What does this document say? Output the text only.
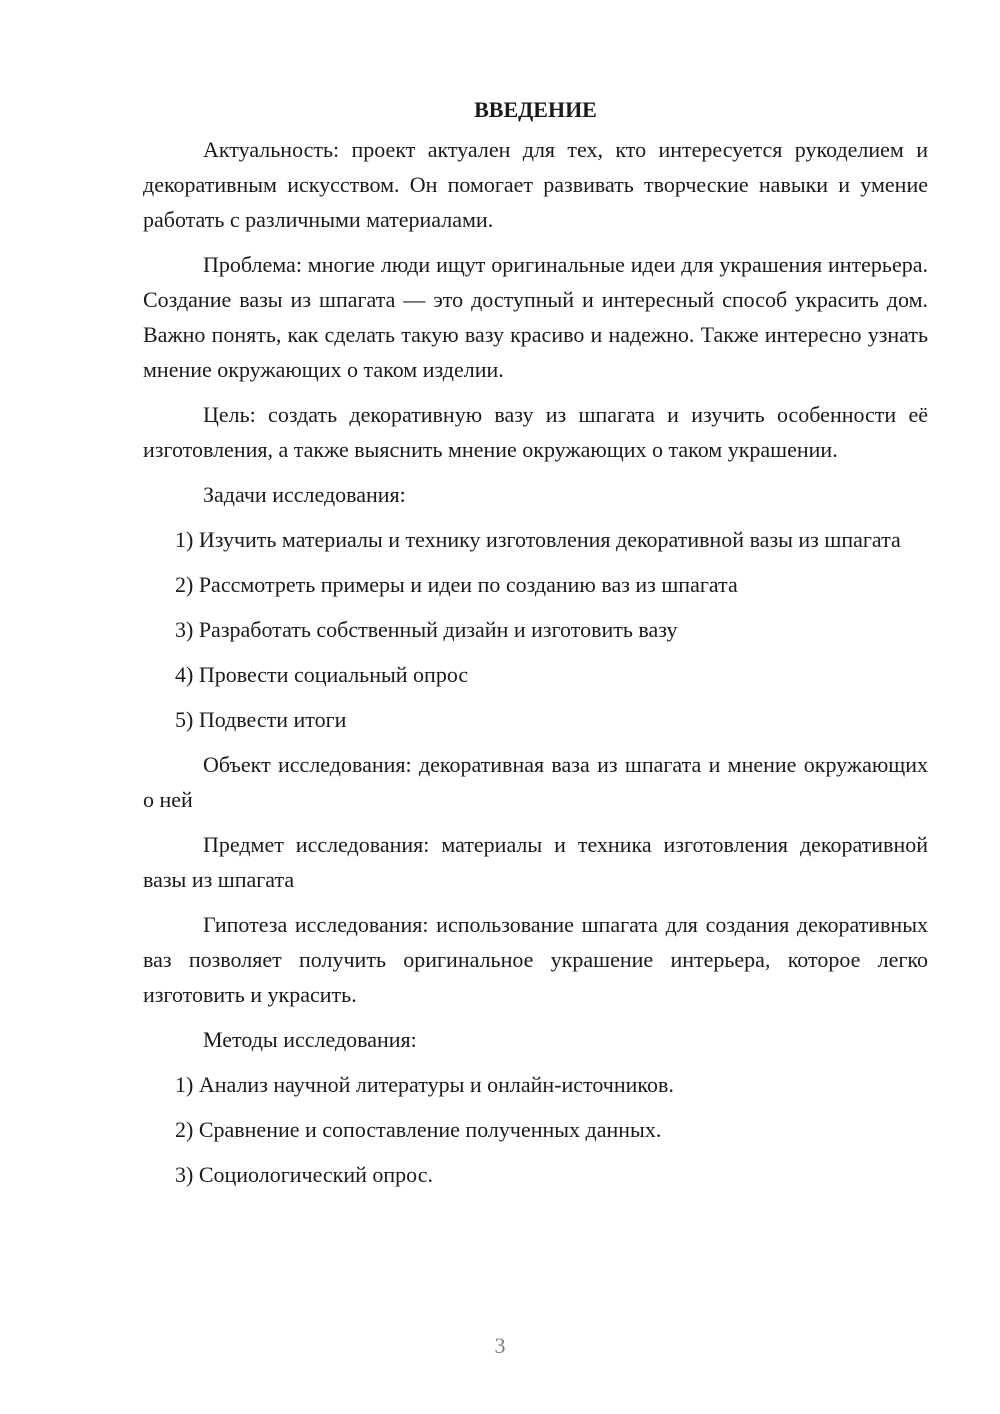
ВВЕДЕНИЕ

Актуальность: проект актуален для тех, кто интересуется рукоделием и декоративным искусством. Он помогает развивать творческие навыки и умение работать с различными материалами.

Проблема: многие люди ищут оригинальные идеи для украшения интерьера. Создание вазы из шпагата — это доступный и интересный способ украсить дом. Важно понять, как сделать такую вазу красиво и надежно. Также интересно узнать мнение окружающих о таком изделии.

Цель: создать декоративную вазу из шпагата и изучить особенности её изготовления, а также выяснить мнение окружающих о таком украшении.

Задачи исследования:

1) Изучить материалы и технику изготовления декоративной вазы из шпагата

2) Рассмотреть примеры и идеи по созданию ваз из шпагата

3) Разработать собственный дизайн и изготовить вазу

4) Провести социальный опрос

5) Подвести итоги

Объект исследования: декоративная ваза из шпагата и мнение окружающих о ней

Предмет исследования: материалы и техника изготовления декоративной вазы из шпагата

Гипотеза исследования: использование шпагата для создания декоративных ваз позволяет получить оригинальное украшение интерьера, которое легко изготовить и украсить.

Методы исследования:

1) Анализ научной литературы и онлайн-источников.

2) Сравнение и сопоставление полученных данных.

3) Социологический опрос.

3
